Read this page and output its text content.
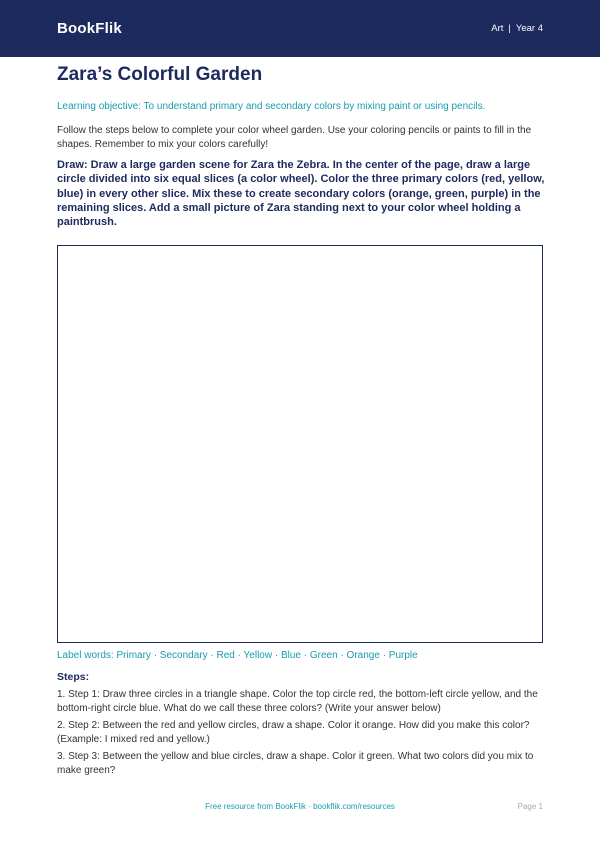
BookFlik	Art | Year 4
Zara’s Colorful Garden

Learning objective: To understand primary and secondary colors by mixing paint or using pencils.

Follow the steps below to complete your color wheel garden. Use your coloring pencils or paints to fill in the shapes. Remember to mix your colors carefully!

Draw: Draw a large garden scene for Zara the Zebra. In the center of the page, draw a large circle divided into six equal slices (a color wheel). Color the three primary colors (red, yellow, blue) in every other slice. Mix these to create secondary colors (orange, green, purple) in the remaining slices. Add a small picture of Zara standing next to your color wheel holding a paintbrush.

Label words: Primary · Secondary · Red · Yellow · Blue · Green · Orange · Purple

Steps:
1. Step 1: Draw three circles in a triangle shape. Color the top circle red, the bottom-left circle yellow, and the bottom-right circle blue. What do we call these three colors? (Write your answer below)
2. Step 2: Between the red and yellow circles, draw a shape. Color it orange. How did you make this color? (Example: I mixed red and yellow.)
3. Step 3: Between the yellow and blue circles, draw a shape. Color it green. What two colors did you mix to make green?
Free resource from BookFlik · bookflik.com/resources	Page 1
